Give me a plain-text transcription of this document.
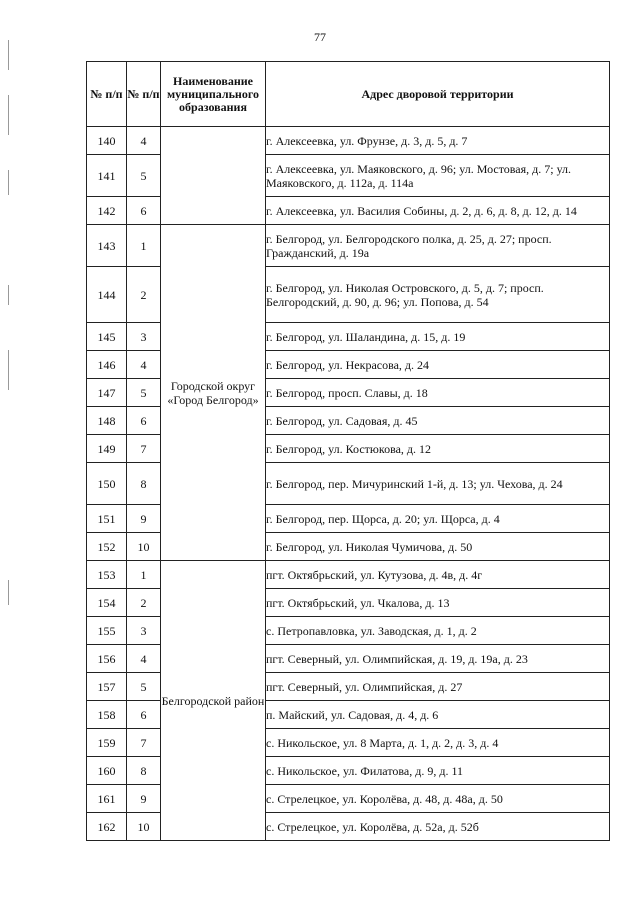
77
№ п/п	№ п/п	Наименование муниципального образования	Адрес дворовой территории
140	4		г. Алексеевка, ул. Фрунзе, д. 3, д. 5, д. 7
141	5		г. Алексеевка, ул. Маяковского, д. 96; ул. Мостовая, д. 7; ул. Маяковского, д. 112а, д. 114а
142	6		г. Алексеевка, ул. Василия Собины, д. 2, д. 6, д. 8, д. 12, д. 14
143	1	Городской округ «Город Белгород»	г. Белгород, ул. Белгородского полка, д. 25, д. 27; просп. Гражданский, д. 19а
144	2		г. Белгород, ул. Николая Островского, д. 5, д. 7; просп. Белгородский, д. 90, д. 96; ул. Попова, д. 54
145	3		г. Белгород, ул. Шаландина, д. 15, д. 19
146	4		г. Белгород, ул. Некрасова, д. 24
147	5		г. Белгород, просп. Славы, д. 18
148	6		г. Белгород, ул. Садовая, д. 45
149	7		г. Белгород, ул. Костюкова, д. 12
150	8		г. Белгород, пер. Мичуринский 1-й, д. 13; ул. Чехова, д. 24
151	9		г. Белгород, пер. Щорса, д. 20; ул. Щорса, д. 4
152	10		г. Белгород, ул. Николая Чумичова, д. 50
153	1	Белгородской район	пгт. Октябрьский, ул. Кутузова, д. 4в, д. 4г
154	2		пгт. Октябрьский, ул. Чкалова, д. 13
155	3		с. Петропавловка, ул. Заводская, д. 1, д. 2
156	4		пгт. Северный, ул. Олимпийская, д. 19, д. 19а, д. 23
157	5		пгт. Северный, ул. Олимпийская, д. 27
158	6		п. Майский, ул. Садовая, д. 4, д. 6
159	7		с. Никольское, ул. 8 Марта, д. 1, д. 2, д. 3, д. 4
160	8		с. Никольское, ул. Филатова, д. 9, д. 11
161	9		с. Стрелецкое, ул. Королёва, д. 48, д. 48а, д. 50
162	10		с. Стрелецкое, ул. Королёва, д. 52а, д. 52б
